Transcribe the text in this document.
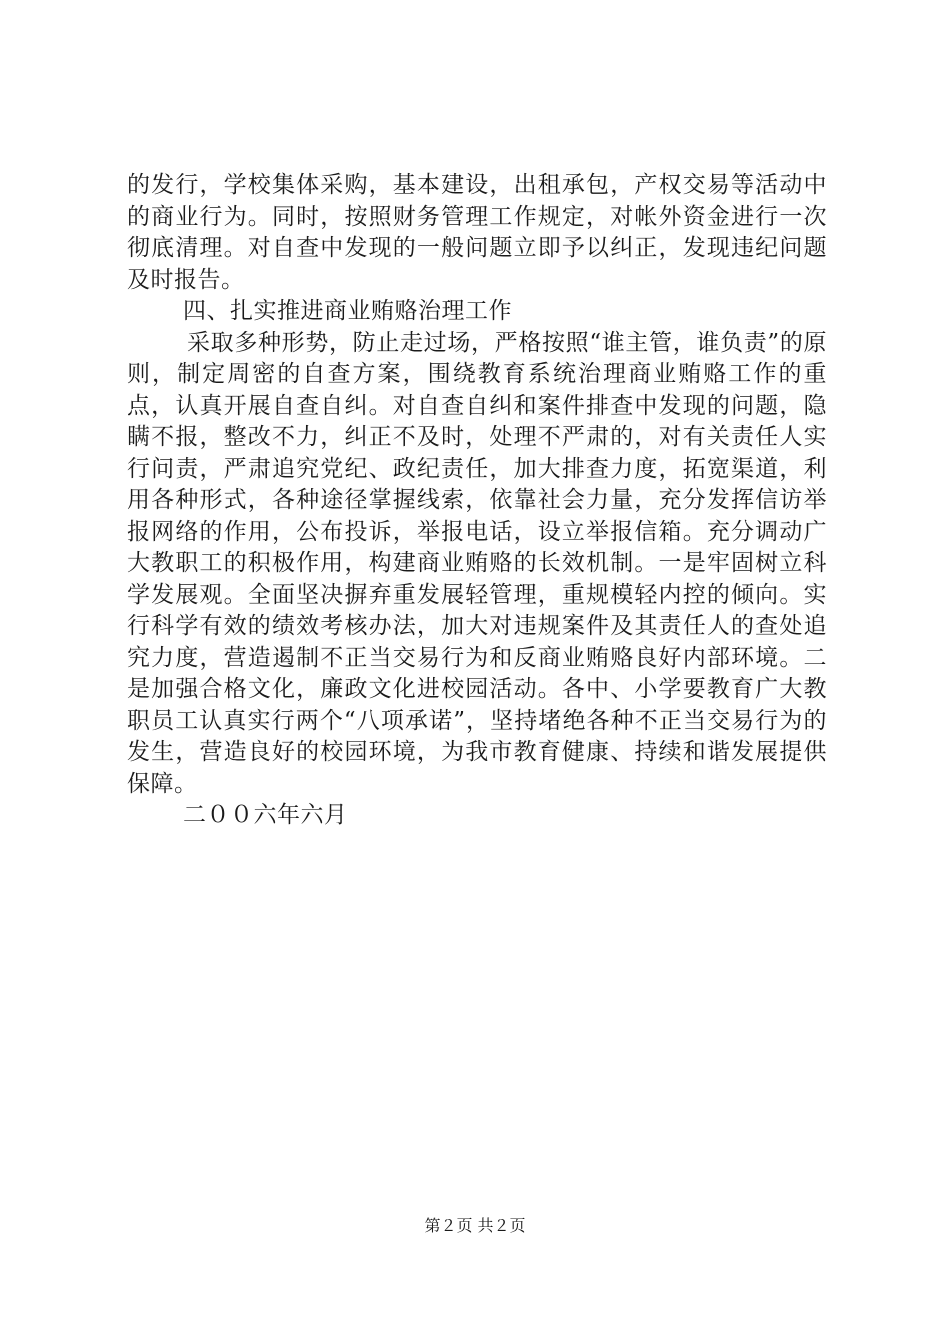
的发行，学校集体采购，基本建设，出租承包，产权交易等活动中的商业行为。同时，按照财务管理工作规定，对帐外资金进行一次彻底清理。对自查中发现的一般问题立即予以纠正，发现违纪问题及时报告。

四、扎实推进商业贿赂治理工作

采取多种形势，防止走过场，严格按照“谁主管，谁负责”的原则，制定周密的自查方案，围绕教育系统治理商业贿赂工作的重点，认真开展自查自纠。对自查自纠和案件排查中发现的问题，隐瞒不报，整改不力，纠正不及时，处理不严肃的，对有关责任人实行问责，严肃追究党纪、政纪责任，加大排查力度，拓宽渠道，利用各种形式，各种途径掌握线索，依靠社会力量，充分发挥信访举报网络的作用，公布投诉，举报电话，设立举报信箱。充分调动广大教职工的积极作用，构建商业贿赂的长效机制。一是牢固树立科学发展观。全面坚决摒弃重发展轻管理，重规模轻内控的倾向。实行科学有效的绩效考核办法，加大对违规案件及其责任人的查处追究力度，营造遏制不正当交易行为和反商业贿赂良好内部环境。二是加强合格文化，廉政文化进校园活动。各中、小学要教育广大教职员工认真实行两个“八项承诺”，坚持堵绝各种不正当交易行为的发生，营造良好的校园环境，为我市教育健康、持续和谐发展提供保障。

二００六年六月

第２页 共２页
